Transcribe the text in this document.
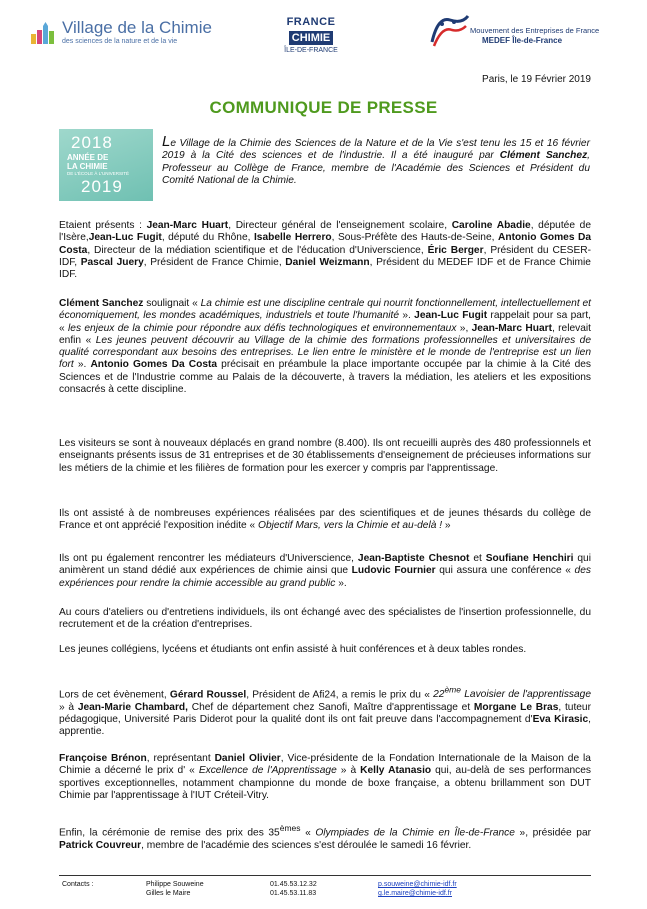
Village de la Chimie
des sciences de la nature et de la vie
FRANCE
CHIMIE
ÎLE-DE-FRANCE
Mouvement des Entreprises de France
MEDEF Île-de-France
Paris, le 19 Février 2019
COMMUNIQUE DE PRESSE
2018
ANNÉE DE
LA CHIMIE
DE L'ÉCOLE À L'UNIVERSITÉ
2019
Le Village de la Chimie des Sciences de la Nature et de la Vie s'est tenu les 15 et 16 février 2019 à la Cité des sciences et de l'industrie. Il a été inauguré par Clément Sanchez, Professeur au Collège de France, membre de l'Académie des Sciences et Président du Comité National de la Chimie.
Etaient présents : Jean-Marc Huart, Directeur général de l'enseignement scolaire, Caroline Abadie, députée de l'Isère,Jean-Luc Fugit, député du Rhône, Isabelle Herrero, Sous-Préfète des Hauts-de-Seine, Antonio Gomes Da Costa, Directeur de la médiation scientifique et de l'éducation d'Universcience, Éric Berger, Président du CESER-IDF, Pascal Juery, Président de France Chimie, Daniel Weizmann, Président du MEDEF IDF et de France Chimie IDF.
Clément Sanchez soulignait « La chimie est une discipline centrale qui nourrit fonctionnellement, intellectuellement et économiquement, les mondes académiques, industriels et toute l'humanité ». Jean-Luc Fugit rappelait pour sa part, « les enjeux de la chimie pour répondre aux défis technologiques et environnementaux », Jean-Marc Huart, relevait enfin « Les jeunes peuvent découvrir au Village de la chimie des formations professionnelles et universitaires de qualité correspondant aux besoins des entreprises. Le lien entre le ministère et le monde de l'entreprise est un lien fort ». Antonio Gomes Da Costa précisait en préambule la place importante occupée par la chimie à la Cité des Sciences et de l'Industrie comme au Palais de la découverte, à travers la médiation, les ateliers et les expositions consacrés à cette discipline.
Les visiteurs se sont à nouveaux déplacés en grand nombre (8.400). Ils ont recueilli auprès des 480 professionnels et enseignants présents issus de 31 entreprises et de 30 établissements d'enseignement de précieuses informations sur les métiers de la chimie et les filières de formation pour les exercer y compris par l'apprentissage.
Ils ont assisté à de nombreuses expériences réalisées par des scientifiques et de jeunes thésards du collège de France et ont apprécié l'exposition inédite « Objectif Mars, vers la Chimie et au-delà ! »
Ils ont pu également rencontrer les médiateurs d'Universcience, Jean-Baptiste Chesnot et Soufiane Henchiri qui animèrent un stand dédié aux expériences de chimie ainsi que Ludovic Fournier qui assura une conférence « des expériences pour rendre la chimie accessible au grand public ».
Au cours d'ateliers ou d'entretiens individuels, ils ont échangé avec des spécialistes de l'insertion professionnelle, du recrutement et de la création d'entreprises.
Les jeunes collégiens, lycéens et étudiants ont enfin assisté à huit conférences et à deux tables rondes.
Lors de cet évènement, Gérard Roussel, Président de Afi24, a remis le prix du « 22ème Lavoisier de l'apprentissage » à Jean-Marie Chambard, Chef de département chez Sanofi, Maître d'apprentissage et Morgane Le Bras, tuteur pédagogique, Université Paris Diderot pour la qualité dont ils ont fait preuve dans l'accompagnement d'Eva Kirasic, apprentie.
Françoise Brénon, représentant Daniel Olivier, Vice-présidente de la Fondation Internationale de la Maison de la Chimie a décerné le prix d' « Excellence de l'Apprentissage » à Kelly Atanasio qui, au-delà de ses performances sportives exceptionnelles, notamment championne du monde de boxe française, a obtenu brillamment son DUT Chimie par l'apprentissage à l'IUT Créteil-Vitry.
Enfin, la cérémonie de remise des prix des 35èmes « Olympiades de la Chimie en Île-de-France », présidée par Patrick Couvreur, membre de l'académie des sciences s'est déroulée le samedi 16 février.
Contacts :	Philippe Souweine
Gilles le Maire
01.45.53.12.32
01.45.53.11.83
p.souweine@chimie-idf.fr
g.le.maire@chimie-idf.fr
